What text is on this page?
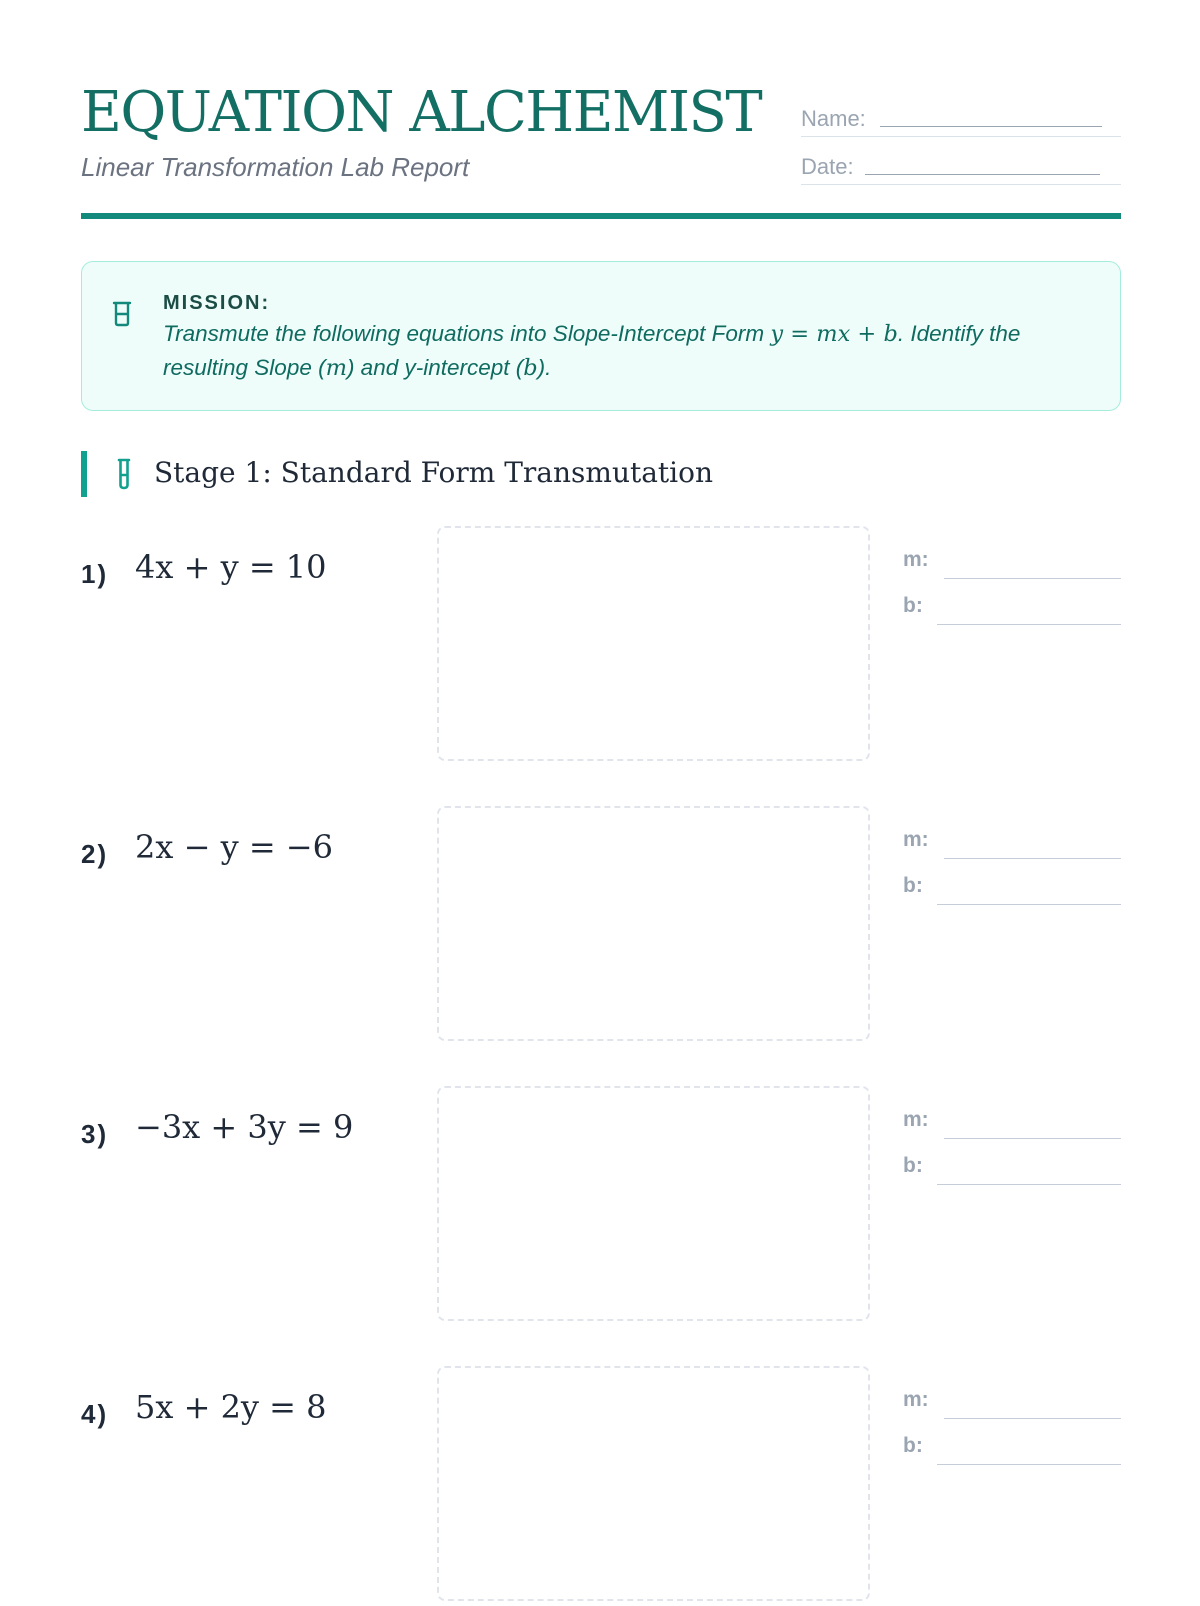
EQUATION ALCHEMIST
Linear Transformation Lab Report
Name:
Date:
MISSION:
Transmute the following equations into Slope-Intercept Form y = mx + b. Identify the resulting Slope (m) and y-intercept (b).
Stage 1: Standard Form Transmutation
1) 4x + y = 10	m:
b:
2) 2x − y = −6	m:
b:
3) −3x + 3y = 9	m:
b:
4) 5x + 2y = 8	m:
b:
